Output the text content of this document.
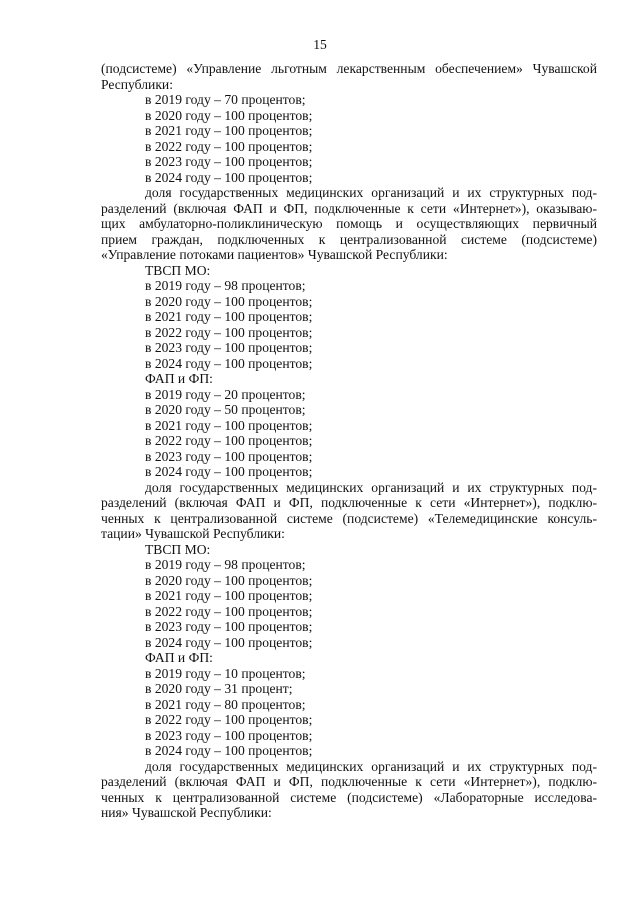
15
(подсистеме) «Управление льготным лекарственным обеспечением» Чувашской
Республики:
в 2019 году – 70 процентов;
в 2020 году – 100 процентов;
в 2021 году – 100 процентов;
в 2022 году – 100 процентов;
в 2023 году – 100 процентов;
в 2024 году – 100 процентов;
доля государственных медицинских организаций и их структурных под-
разделений (включая ФАП и ФП, подключенные к сети «Интернет»), оказываю-
щих амбулаторно-поликлиническую помощь и осуществляющих первичный
прием граждан, подключенных к централизованной системе (подсистеме)
«Управление потоками пациентов» Чувашской Республики:
ТВСП МО:
в 2019 году – 98 процентов;
в 2020 году – 100 процентов;
в 2021 году – 100 процентов;
в 2022 году – 100 процентов;
в 2023 году – 100 процентов;
в 2024 году – 100 процентов;
ФАП и ФП:
в 2019 году – 20 процентов;
в 2020 году – 50 процентов;
в 2021 году – 100 процентов;
в 2022 году – 100 процентов;
в 2023 году – 100 процентов;
в 2024 году – 100 процентов;
доля государственных медицинских организаций и их структурных под-
разделений (включая ФАП и ФП, подключенные к сети «Интернет»), подклю-
ченных к централизованной системе (подсистеме) «Телемедицинские консуль-
тации» Чувашской Республики:
ТВСП МО:
в 2019 году – 98 процентов;
в 2020 году – 100 процентов;
в 2021 году – 100 процентов;
в 2022 году – 100 процентов;
в 2023 году – 100 процентов;
в 2024 году – 100 процентов;
ФАП и ФП:
в 2019 году – 10 процентов;
в 2020 году – 31 процент;
в 2021 году – 80 процентов;
в 2022 году – 100 процентов;
в 2023 году – 100 процентов;
в 2024 году – 100 процентов;
доля государственных медицинских организаций и их структурных под-
разделений (включая ФАП и ФП, подключенные к сети «Интернет»), подклю-
ченных к централизованной системе (подсистеме) «Лабораторные исследова-
ния» Чувашской Республики:
